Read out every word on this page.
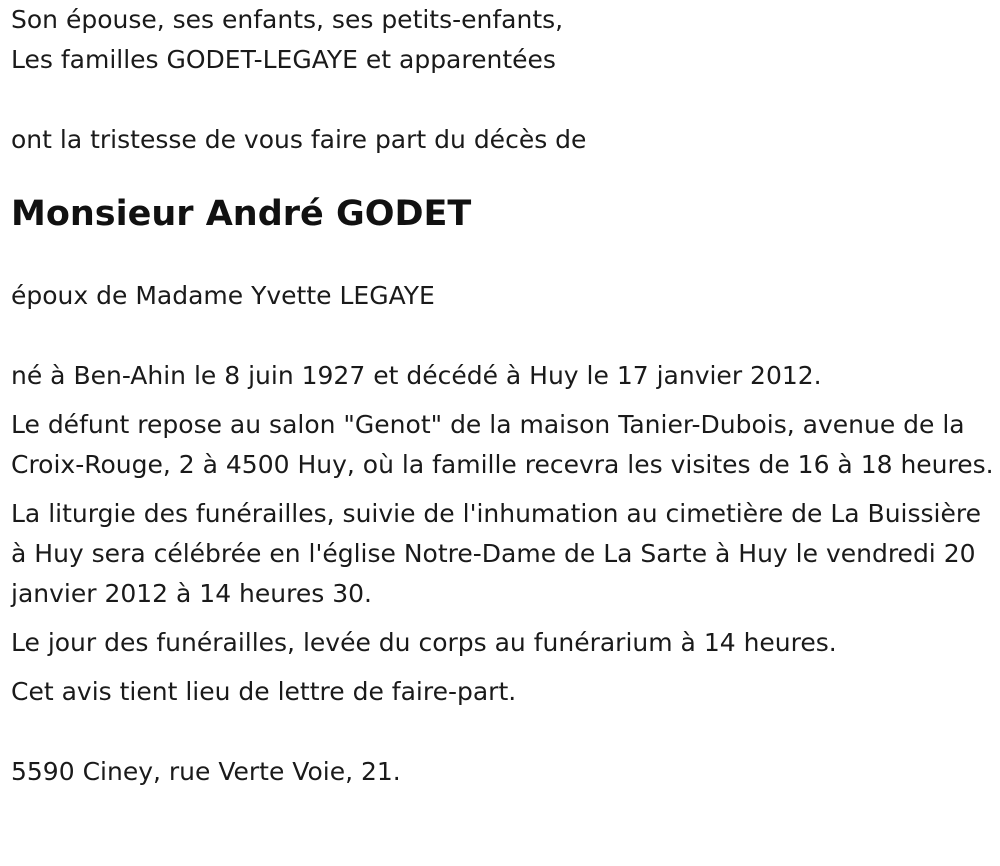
Son épouse, ses enfants, ses petits-enfants,
Les familles GODET-LEGAYE et apparentées
ont la tristesse de vous faire part du décès de
Monsieur André GODET
époux de Madame Yvette LEGAYE
né à Ben-Ahin le 8 juin 1927 et décédé à Huy le 17 janvier 2012.

Le défunt repose au salon "Genot" de la maison Tanier-Dubois, avenue de la Croix-Rouge, 2 à 4500 Huy, où la famille recevra les visites de 16 à 18 heures.

La liturgie des funérailles, suivie de l'inhumation au cimetière de La Buissière à Huy sera célébrée en l'église Notre-Dame de La Sarte à Huy le vendredi 20 janvier 2012 à 14 heures 30.

Le jour des funérailles, levée du corps au funérarium à 14 heures.
Cet avis tient lieu de lettre de faire-part.
5590 Ciney, rue Verte Voie, 21.
